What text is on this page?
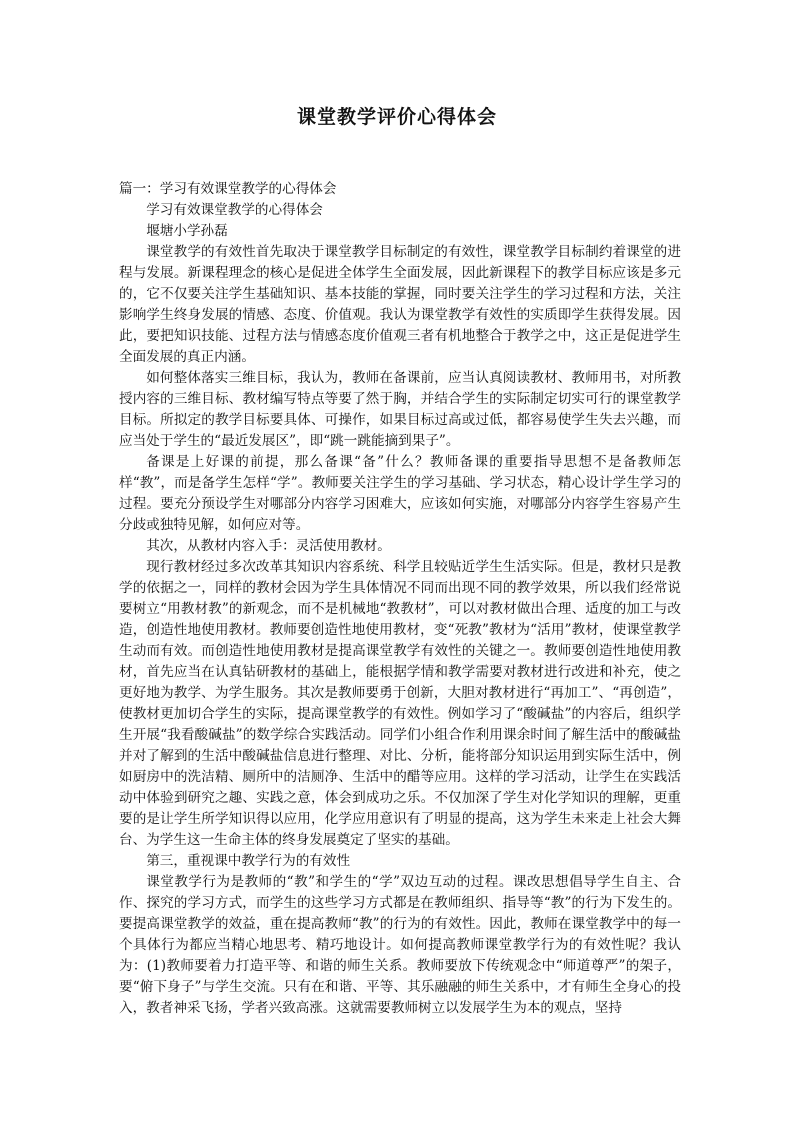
课堂教学评价心得体会

篇一：学习有效课堂教学的心得体会

学习有效课堂教学的心得体会

堰塘小学孙磊

课堂教学的有效性首先取决于课堂教学目标制定的有效性，课堂教学目标制约着课堂的进程与发展。新课程理念的核心是促进全体学生全面发展，因此新课程下的教学目标应该是多元的，它不仅要关注学生基础知识、基本技能的掌握，同时要关注学生的学习过程和方法，关注影响学生终身发展的情感、态度、价值观。我认为课堂教学有效性的实质即学生获得发展。因此，要把知识技能、过程方法与情感态度价值观三者有机地整合于教学之中，这正是促进学生全面发展的真正内涵。

如何整体落实三维目标，我认为，教师在备课前，应当认真阅读教材、教师用书，对所教授内容的三维目标、教材编写特点等要了然于胸，并结合学生的实际制定切实可行的课堂教学目标。所拟定的教学目标要具体、可操作，如果目标过高或过低，都容易使学生失去兴趣，而应当处于学生的“最近发展区”，即“跳一跳能摘到果子”。

备课是上好课的前提，那么备课“备”什么？教师备课的重要指导思想不是备教师怎样“教”，而是备学生怎样“学”。教师要关注学生的学习基础、学习状态，精心设计学生学习的过程。要充分预设学生对哪部分内容学习困难大，应该如何实施，对哪部分内容学生容易产生分歧或独特见解，如何应对等。

其次，从教材内容入手：灵活使用教材。

现行教材经过多次改革其知识内容系统、科学且较贴近学生生活实际。但是，教材只是教学的依据之一，同样的教材会因为学生具体情况不同而出现不同的教学效果，所以我们经常说要树立“用教材教”的新观念，而不是机械地“教教材”，可以对教材做出合理、适度的加工与改造，创造性地使用教材。教师要创造性地使用教材，变“死教”教材为“活用”教材，使课堂教学生动而有效。而创造性地使用教材是提高课堂教学有效性的关键之一。教师要创造性地使用教材，首先应当在认真钻研教材的基础上，能根据学情和教学需要对教材进行改进和补充，使之更好地为教学、为学生服务。其次是教师要勇于创新，大胆对教材进行“再加工”、“再创造”，使教材更加切合学生的实际，提高课堂教学的有效性。例如学习了“酸碱盐”的内容后，组织学生开展“我看酸碱盐”的数学综合实践活动。同学们小组合作利用课余时间了解生活中的酸碱盐并对了解到的生活中酸碱盐信息进行整理、对比、分析，能将部分知识运用到实际生活中，例如厨房中的洗洁精、厕所中的洁厕净、生活中的醋等应用。这样的学习活动，让学生在实践活动中体验到研究之趣、实践之意，体会到成功之乐。不仅加深了学生对化学知识的理解，更重要的是让学生所学知识得以应用，化学应用意识有了明显的提高，这为学生未来走上社会大舞台、为学生这一生命主体的终身发展奠定了坚实的基础。

第三，重视课中教学行为的有效性

课堂教学行为是教师的“教”和学生的“学”双边互动的过程。课改思想倡导学生自主、合作、探究的学习方式，而学生的这些学习方式都是在教师组织、指导等“教”的行为下发生的。要提高课堂教学的效益，重在提高教师“教”的行为的有效性。因此，教师在课堂教学中的每一个具体行为都应当精心地思考、精巧地设计。如何提高教师课堂教学行为的有效性呢？我认为：(1)教师要着力打造平等、和谐的师生关系。教师要放下传统观念中“师道尊严”的架子，要“俯下身子”与学生交流。只有在和谐、平等、其乐融融的师生关系中，才有师生全身心的投入，教者神采飞扬，学者兴致高涨。这就需要教师树立以发展学生为本的观点，坚持
